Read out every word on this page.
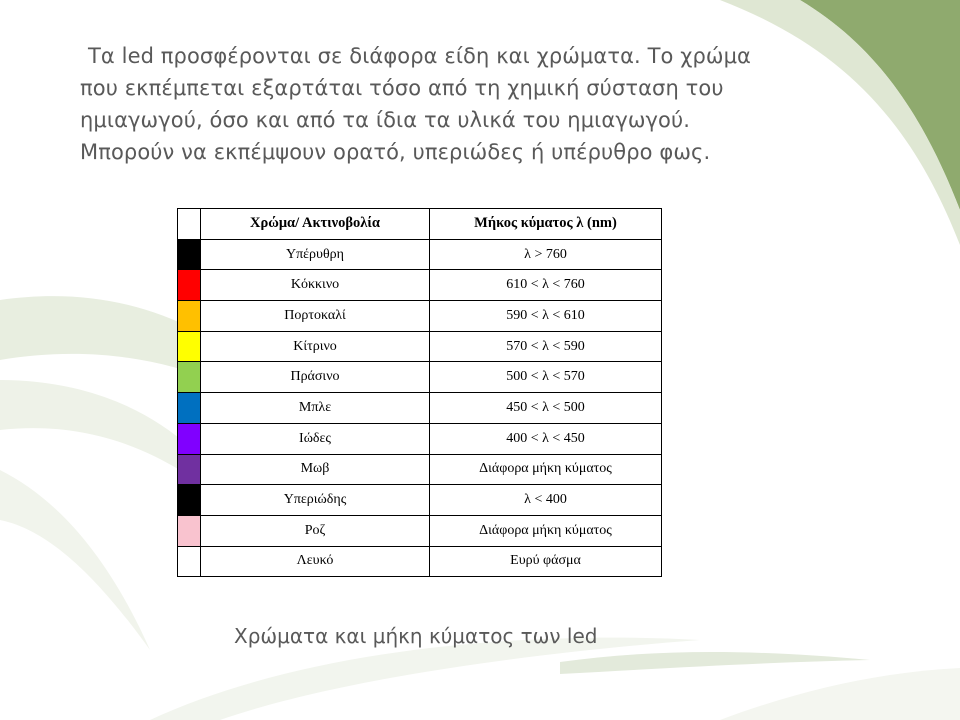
Τα led προσφέρονται σε διάφορα είδη και χρώματα. Το χρώμα
που εκπέμπεται εξαρτάται τόσο από τη χημική σύσταση του
ημιαγωγού, όσο και από τα ίδια τα υλικά του ημιαγωγού.
Μπορούν να εκπέμψουν ορατό, υπεριώδες ή υπέρυθρο φως.

	Χρώμα/ Ακτινοβολία	Μήκος κύματος λ (nm)
	Υπέρυθρη	λ > 760
	Κόκκινο	610 < λ < 760
	Πορτοκαλί	590 < λ < 610
	Κίτρινο	570 < λ < 590
	Πράσινο	500 < λ < 570
	Μπλε	450 < λ < 500
	Ιώδες	400 < λ < 450
	Μωβ	Διάφορα μήκη κύματος
	Υπεριώδης	λ < 400
	Ροζ	Διάφορα μήκη κύματος
	Λευκό	Ευρύ φάσμα

Χρώματα και μήκη κύματος των led
